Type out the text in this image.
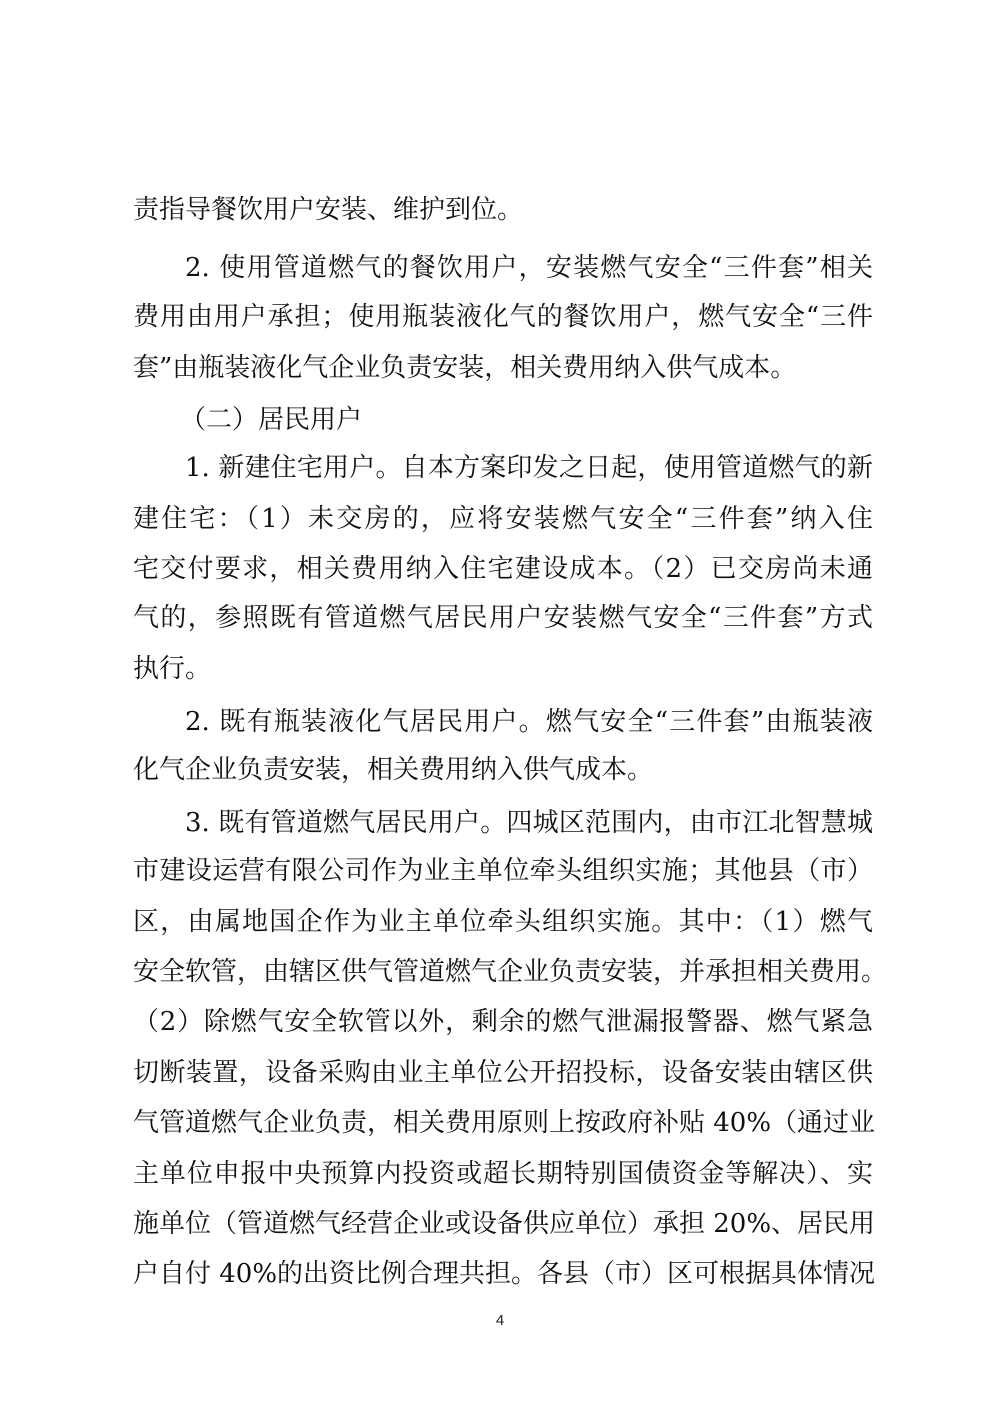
责指导餐饮用户安装、维护到位。

2. 使用管道燃气的餐饮用户，安装燃气安全“三件套”相关

费用由用户承担；使用瓶装液化气的餐饮用户，燃气安全“三件

套”由瓶装液化气企业负责安装，相关费用纳入供气成本。

（二）居民用户

1. 新建住宅用户。自本方案印发之日起，使用管道燃气的新

建住宅：（1）未交房的，应将安装燃气安全“三件套”纳入住

宅交付要求，相关费用纳入住宅建设成本。（2）已交房尚未通

气的，参照既有管道燃气居民用户安装燃气安全“三件套”方式

执行。

2. 既有瓶装液化气居民用户。燃气安全“三件套”由瓶装液

化气企业负责安装，相关费用纳入供气成本。

3. 既有管道燃气居民用户。四城区范围内，由市江北智慧城

市建设运营有限公司作为业主单位牵头组织实施；其他县（市）

区，由属地国企作为业主单位牵头组织实施。其中：（1）燃气

安全软管，由辖区供气管道燃气企业负责安装，并承担相关费用。

（2）除燃气安全软管以外，剩余的燃气泄漏报警器、燃气紧急

切断装置，设备采购由业主单位公开招投标，设备安装由辖区供

气管道燃气企业负责，相关费用原则上按政府补贴 40%（通过业

主单位申报中央预算内投资或超长期特别国债资金等解决）、实

施单位（管道燃气经营企业或设备供应单位）承担 20%、居民用

户自付 40%的出资比例合理共担。各县（市）区可根据具体情况

4
